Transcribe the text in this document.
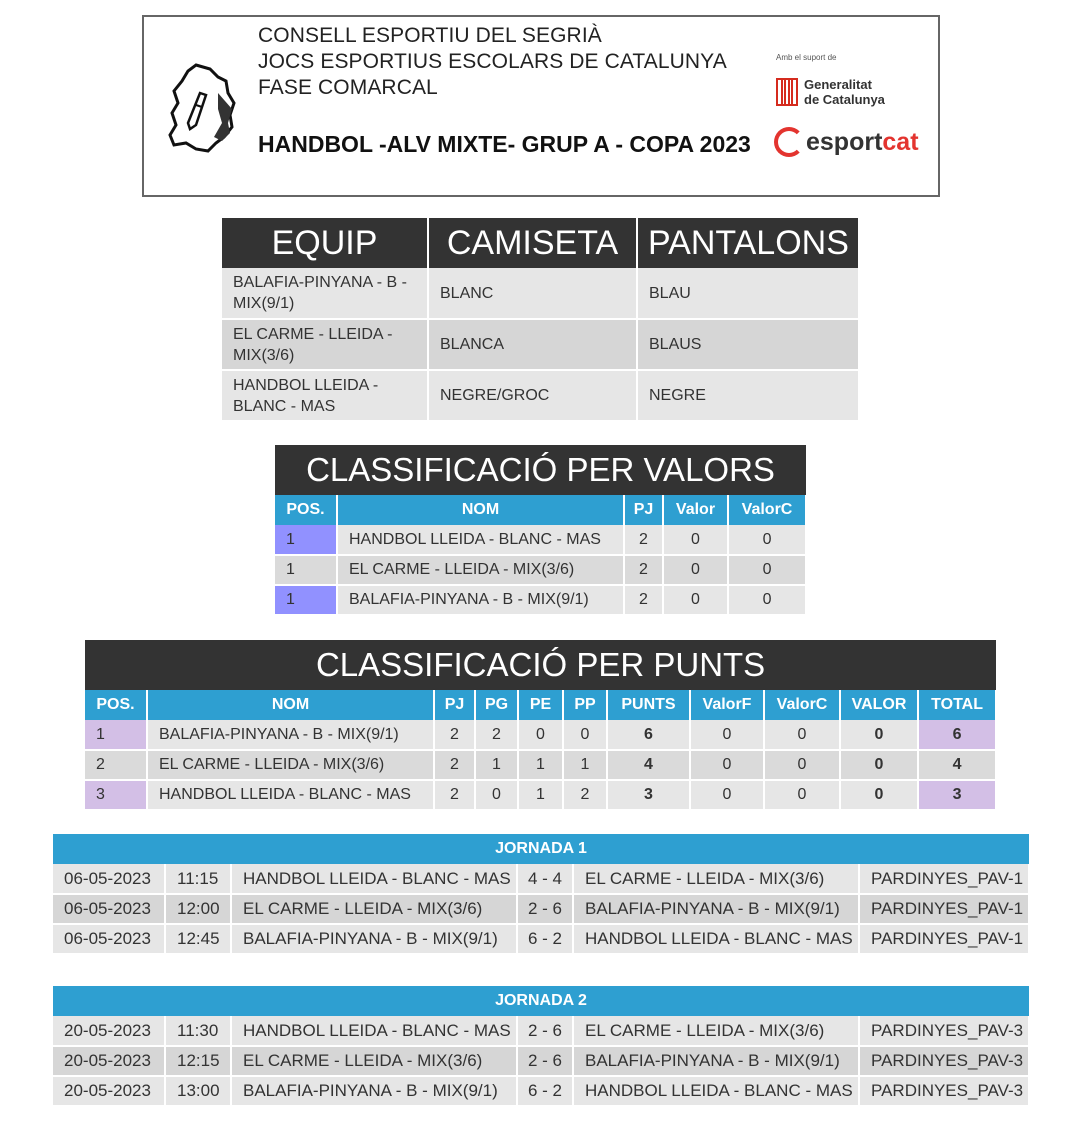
CONSELL ESPORTIU DEL SEGRIÀ
JOCS ESPORTIUS ESCOLARS DE CATALUNYA
FASE COMARCAL
HANDBOL -ALV MIXTE- GRUP A - COPA 2023
Amb el suport de
Generalitat
de Catalunya
esportcat
EQUIP	CAMISETA	PANTALONS
BALAFIA-PINYANA - B - MIX(9/1)	BLANC	BLAU
EL CARME - LLEIDA - MIX(3/6)	BLANCA	BLAUS
HANDBOL LLEIDA - BLANC - MAS	NEGRE/GROC	NEGRE
CLASSIFICACIÓ PER VALORS				
POS.	NOM	PJ	Valor	ValorC
1	HANDBOL LLEIDA - BLANC - MAS	2	0	0
1	EL CARME - LLEIDA - MIX(3/6)	2	0	0
1	BALAFIA-PINYANA - B - MIX(9/1)	2	0	0
CLASSIFICACIÓ PER PUNTS										
POS.	NOM	PJ	PG	PE	PP	PUNTS	ValorF	ValorC	VALOR	TOTAL
1	BALAFIA-PINYANA - B - MIX(9/1)	2	2	0	0	6	0	0	0	6
2	EL CARME - LLEIDA - MIX(3/6)	2	1	1	1	4	0	0	0	4
3	HANDBOL LLEIDA - BLANC - MAS	2	0	1	2	3	0	0	0	3
JORNADA 1					
06-05-2023	11:15	HANDBOL LLEIDA - BLANC - MAS	4 - 4	EL CARME - LLEIDA - MIX(3/6)	PARDINYES_PAV-1
06-05-2023	12:00	EL CARME - LLEIDA - MIX(3/6)	2 - 6	BALAFIA-PINYANA - B - MIX(9/1)	PARDINYES_PAV-1
06-05-2023	12:45	BALAFIA-PINYANA - B - MIX(9/1)	6 - 2	HANDBOL LLEIDA - BLANC - MAS	PARDINYES_PAV-1
JORNADA 2					
20-05-2023	11:30	HANDBOL LLEIDA - BLANC - MAS	2 - 6	EL CARME - LLEIDA - MIX(3/6)	PARDINYES_PAV-3
20-05-2023	12:15	EL CARME - LLEIDA - MIX(3/6)	2 - 6	BALAFIA-PINYANA - B - MIX(9/1)	PARDINYES_PAV-3
20-05-2023	13:00	BALAFIA-PINYANA - B - MIX(9/1)	6 - 2	HANDBOL LLEIDA - BLANC - MAS	PARDINYES_PAV-3
